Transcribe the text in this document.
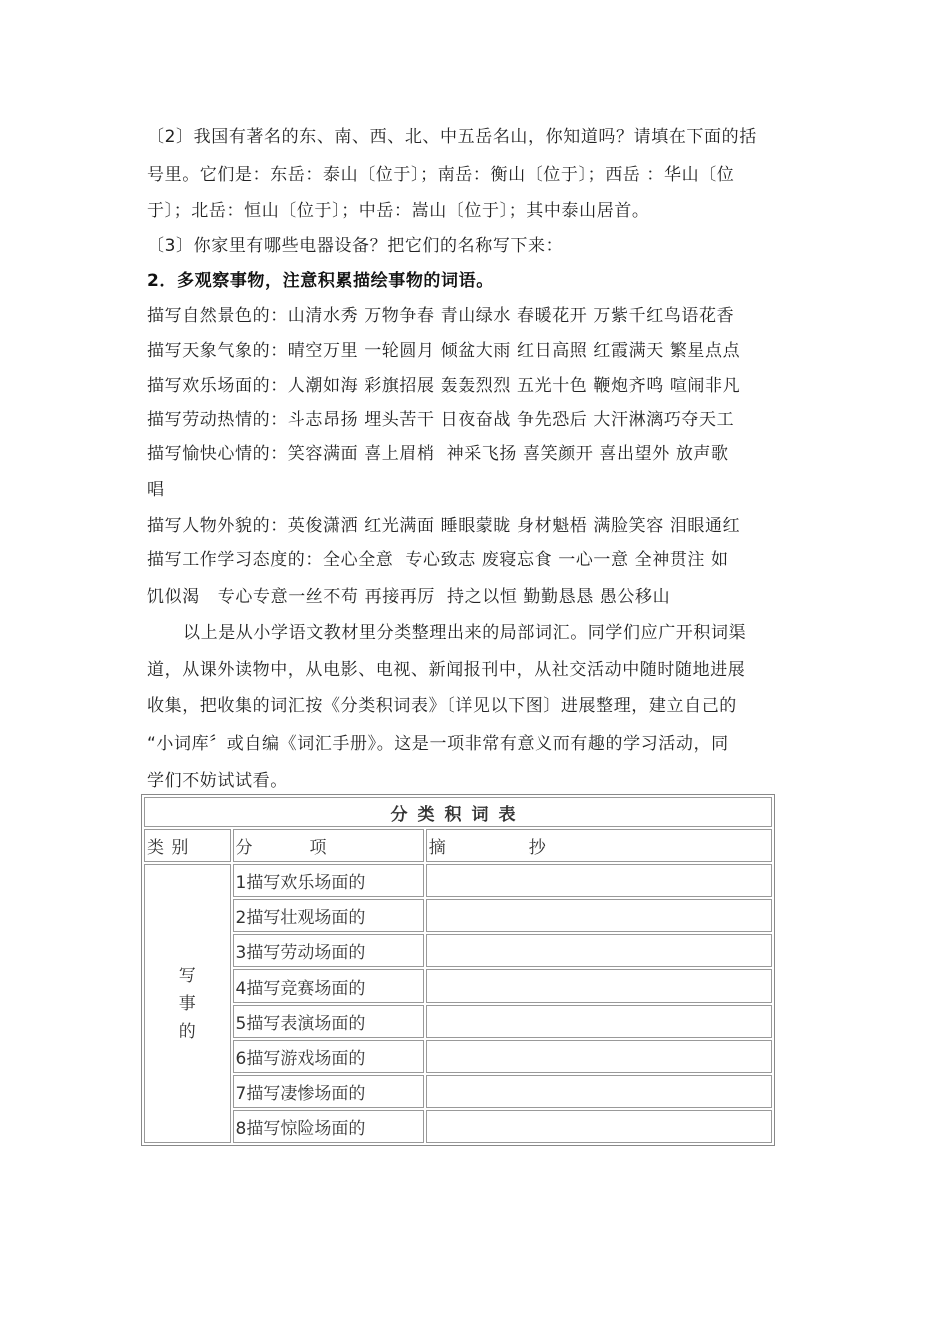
〔2〕我国有著名的东、南、西、北、中五岳名山，你知道吗？请填在下面的括
号里。它们是：东岳：泰山〔位于〕；南岳：衡山〔位于〕；西岳 ：华山〔位
于〕；北岳：恒山〔位于〕；中岳：嵩山〔位于〕；其中泰山居首。
〔3〕你家里有哪些电器设备？把它们的名称写下来：
2．多观察事物，注意积累描绘事物的词语。
描写自然景色的：山清水秀 万物争春 青山绿水 春暖花开 万紫千红鸟语花香
描写天象气象的：晴空万里 一轮圆月 倾盆大雨 红日高照 红霞满天 繁星点点
描写欢乐场面的：人潮如海 彩旗招展 轰轰烈烈 五光十色 鞭炮齐鸣 喧闹非凡
描写劳动热情的：斗志昂扬 埋头苦干 日夜奋战 争先恐后 大汗淋漓巧夺天工
描写愉快心情的：笑容满面 喜上眉梢  神采飞扬 喜笑颜开 喜出望外 放声歌
唱
描写人物外貌的：英俊潇洒 红光满面 睡眼蒙眬 身材魁梧 满脸笑容 泪眼通红
描写工作学习态度的：全心全意  专心致志 废寝忘食 一心一意 全神贯注 如
饥似渴   专心专意一丝不苟 再接再厉  持之以恒 勤勤恳恳 愚公移山
以上是从小学语文教材里分类整理出来的局部词汇。同学们应广开积词渠
道，从课外读物中，从电影、电视、新闻报刊中，从社交活动中随时随地进展
收集，把收集的词汇按《分类积词表》〔详见以下图〕进展整理，建立自己的
“小词库〞或自编《词汇手册》。这是一项非常有意义而有趣的学习活动，同
学们不妨试试看。
分类积词表		
类 别	分 项	摘 抄

写
事
的	1描写欢乐场面的	
	2描写壮观场面的	
	3描写劳动场面的	
	4描写竞赛场面的	
	5描写表演场面的	
	6描写游戏场面的	
	7描写凄惨场面的	
	8描写惊险场面的	
